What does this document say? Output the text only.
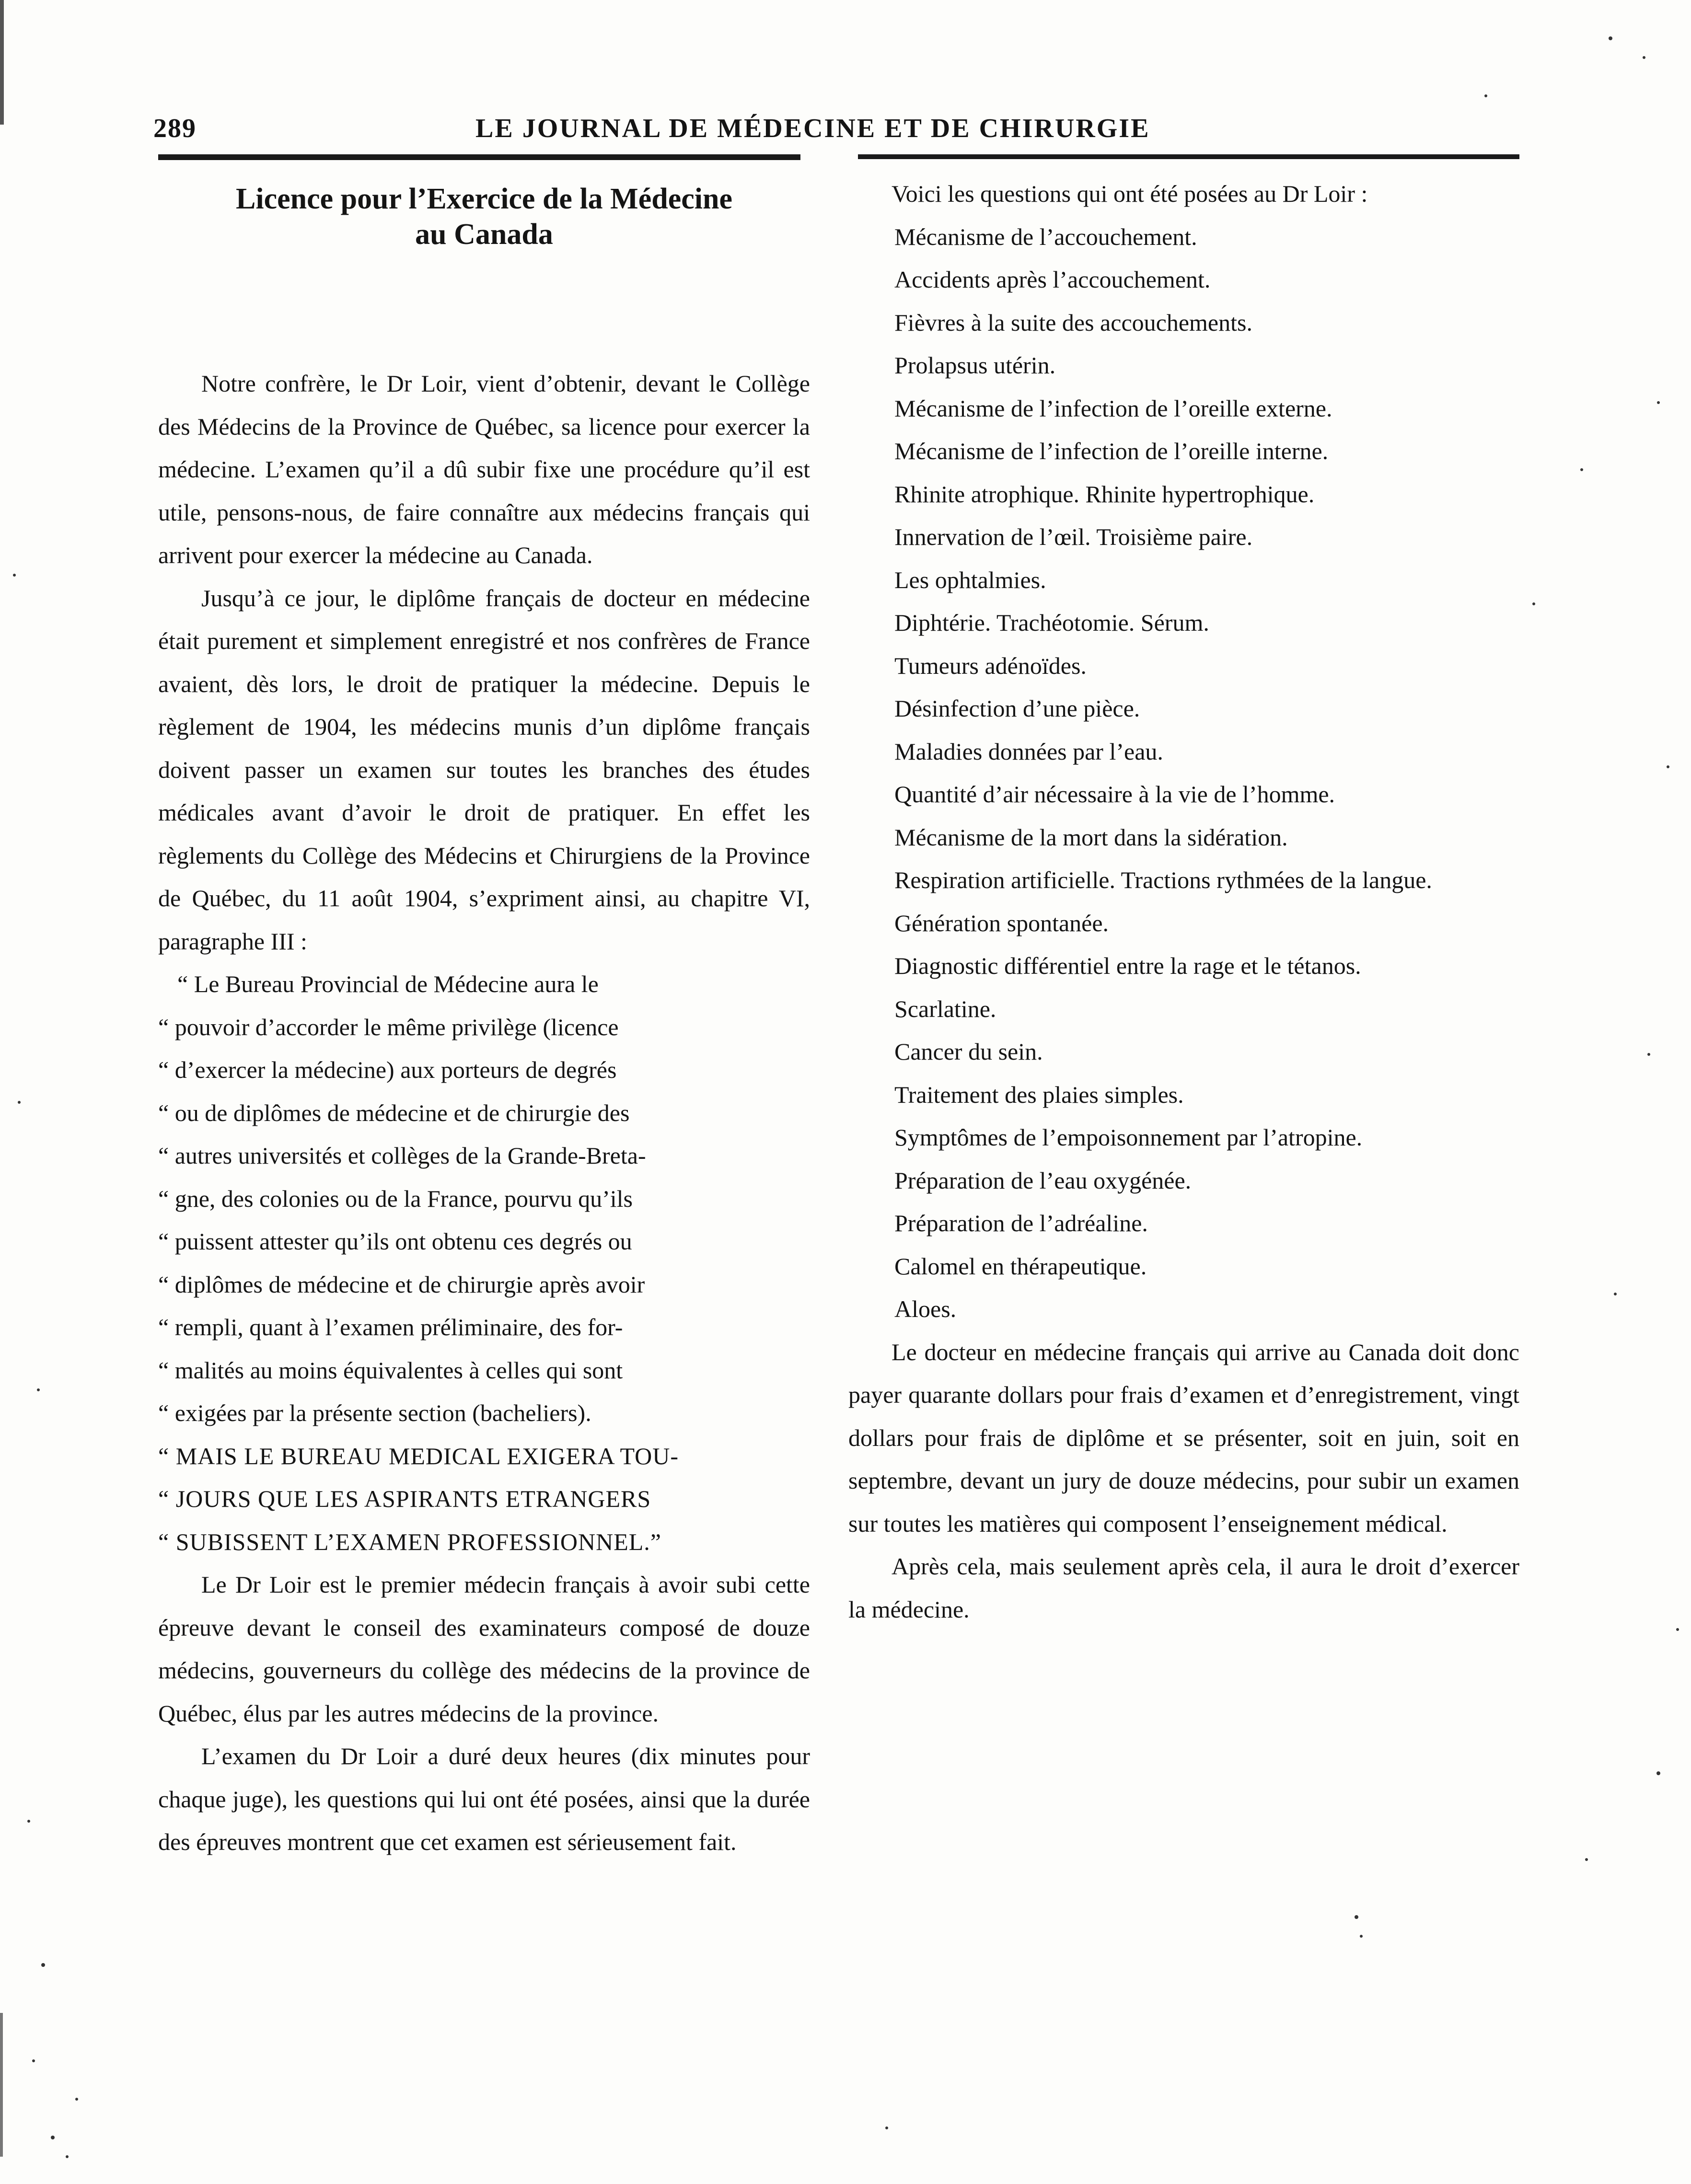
289	LE JOURNAL DE MÉDECINE ET DE CHIRURGIE
Licence pour l’Exercice de la Médecine
au Canada

Notre confrère, le Dr Loir, vient d’obtenir, devant le Collège des Médecins de la Province de Québec, sa licence pour exercer la médecine. L’examen qu’il a dû subir fixe une procédure qu’il est utile, pensons-nous, de faire connaître aux médecins français qui arrivent pour exercer la médecine au Canada.

Jusqu’à ce jour, le diplôme français de docteur en médecine était purement et simplement enregistré et nos confrères de France avaient, dès lors, le droit de pratiquer la médecine. Depuis le règlement de 1904, les médecins munis d’un diplôme français doivent passer un examen sur toutes les branches des études médicales avant d’avoir le droit de pratiquer. En effet les règlements du Collège des Médecins et Chirurgiens de la Province de Québec, du 11 août 1904, s’expriment ainsi, au chapitre VI, paragraphe III :

“ Le Bureau Provincial de Médecine aura le
“ pouvoir d’accorder le même privilège (licence
“ d’exercer la médecine) aux porteurs de degrés
“ ou de diplômes de médecine et de chirurgie des
“ autres universités et collèges de la Grande-Breta-
“ gne, des colonies ou de la France, pourvu qu’ils
“ puissent attester qu’ils ont obtenu ces degrés ou
“ diplômes de médecine et de chirurgie après avoir
“ rempli, quant à l’examen préliminaire, des for-
“ malités au moins équivalentes à celles qui sont
“ exigées par la présente section (bacheliers).
“ MAIS LE BUREAU MEDICAL EXIGERA TOU-
“ JOURS QUE LES ASPIRANTS ETRANGERS
“ SUBISSENT L’EXAMEN PROFESSIONNEL.”

Le Dr Loir est le premier médecin français à avoir subi cette épreuve devant le conseil des examinateurs composé de douze médecins, gouverneurs du collège des médecins de la province de Québec, élus par les autres médecins de la province.

L’examen du Dr Loir a duré deux heures (dix minutes pour chaque juge), les questions qui lui ont été posées, ainsi que la durée des épreuves montrent que cet examen est sérieusement fait.

Voici les questions qui ont été posées au Dr Loir :

Mécanisme de l’accouchement.
Accidents après l’accouchement.
Fièvres à la suite des accouchements.
Prolapsus utérin.
Mécanisme de l’infection de l’oreille externe.
Mécanisme de l’infection de l’oreille interne.
Rhinite atrophique. Rhinite hypertrophique.
Innervation de l’œil. Troisième paire.
Les ophtalmies.
Diphtérie. Trachéotomie. Sérum.
Tumeurs adénoïdes.
Désinfection d’une pièce.
Maladies données par l’eau.
Quantité d’air nécessaire à la vie de l’homme.
Mécanisme de la mort dans la sidération.
Respiration artificielle. Tractions rythmées de la langue.
Génération spontanée.
Diagnostic différentiel entre la rage et le tétanos.
Scarlatine.
Cancer du sein.
Traitement des plaies simples.
Symptômes de l’empoisonnement par l’atropine.
Préparation de l’eau oxygénée.
Préparation de l’adréaline.
Calomel en thérapeutique.
Aloes.

Le docteur en médecine français qui arrive au Canada doit donc payer quarante dollars pour frais d’examen et d’enregistrement, vingt dollars pour frais de diplôme et se présenter, soit en juin, soit en septembre, devant un jury de douze médecins, pour subir un examen sur toutes les matières qui composent l’enseignement médical.

Après cela, mais seulement après cela, il aura le droit d’exercer la médecine.
